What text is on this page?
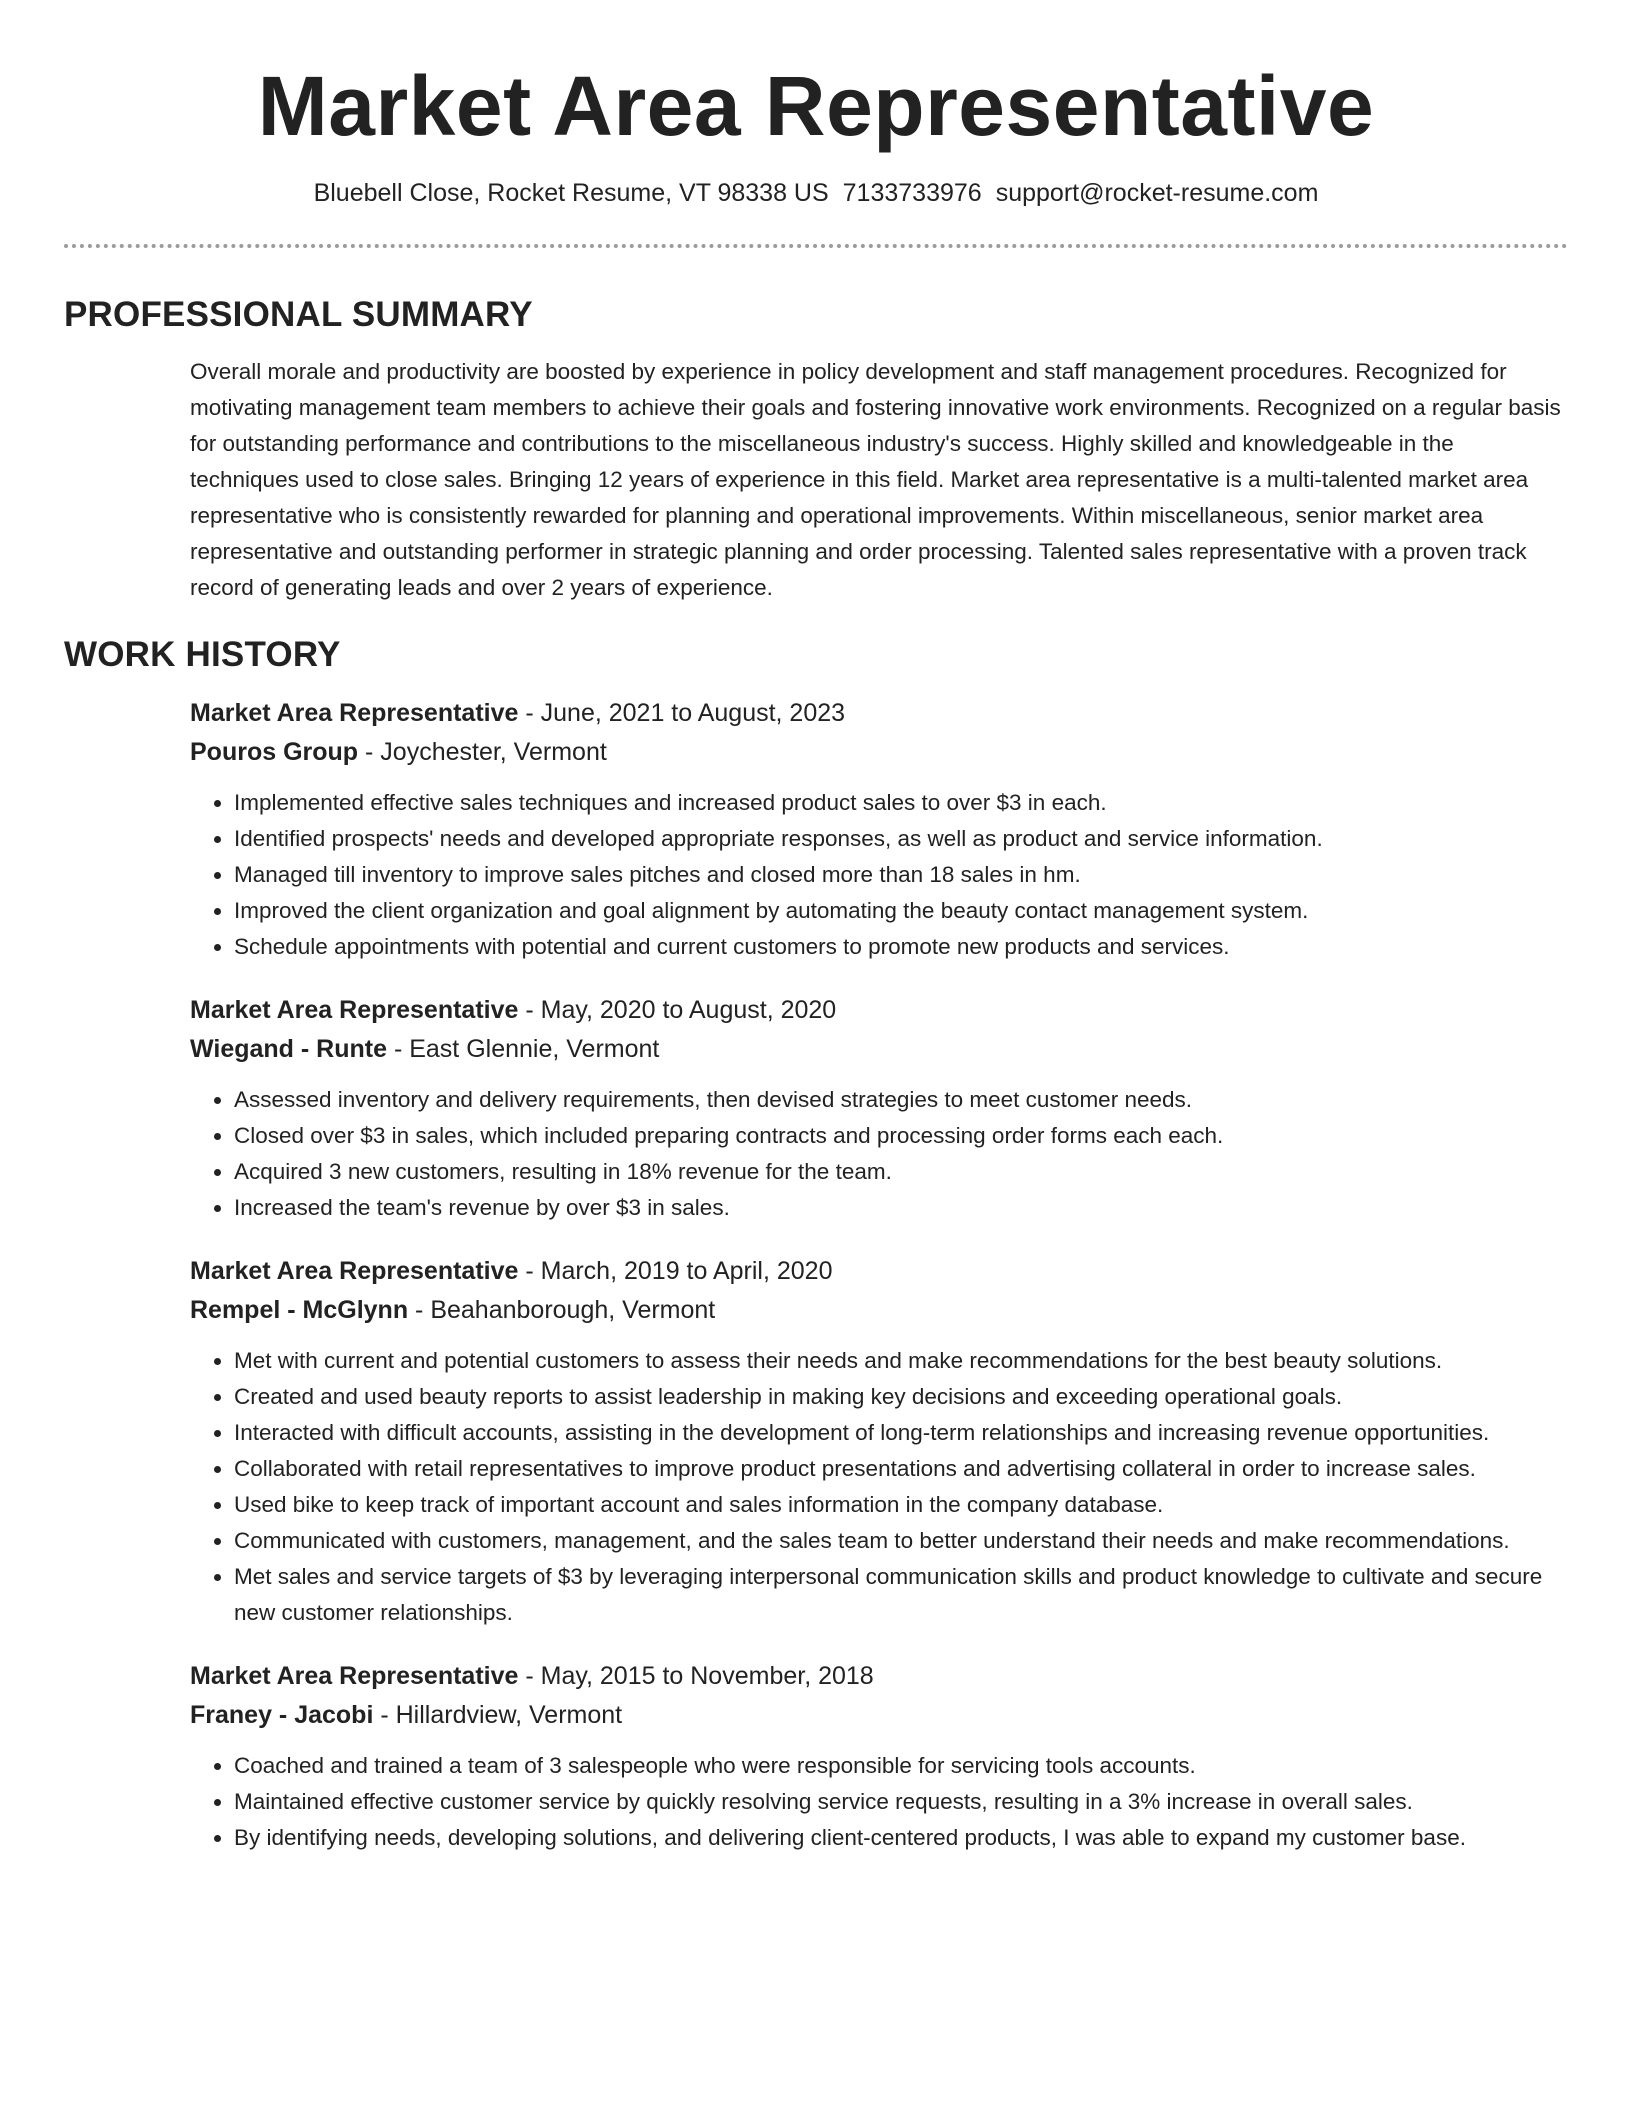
Market Area Representative
Bluebell Close, Rocket Resume, VT 98338 US 7133733976 support@rocket-resume.com
PROFESSIONAL SUMMARY
Overall morale and productivity are boosted by experience in policy development and staff management procedures. Recognized for motivating management team members to achieve their goals and fostering innovative work environments. Recognized on a regular basis for outstanding performance and contributions to the miscellaneous industry's success. Highly skilled and knowledgeable in the techniques used to close sales. Bringing 12 years of experience in this field. Market area representative is a multi-talented market area representative who is consistently rewarded for planning and operational improvements. Within miscellaneous, senior market area representative and outstanding performer in strategic planning and order processing. Talented sales representative with a proven track record of generating leads and over 2 years of experience.
WORK HISTORY
Market Area Representative - June, 2021 to August, 2023
Pouros Group - Joychester, Vermont
• Implemented effective sales techniques and increased product sales to over $3 in each.
• Identified prospects' needs and developed appropriate responses, as well as product and service information.
• Managed till inventory to improve sales pitches and closed more than 18 sales in hm.
• Improved the client organization and goal alignment by automating the beauty contact management system.
• Schedule appointments with potential and current customers to promote new products and services.
Market Area Representative - May, 2020 to August, 2020
Wiegand - Runte - East Glennie, Vermont
• Assessed inventory and delivery requirements, then devised strategies to meet customer needs.
• Closed over $3 in sales, which included preparing contracts and processing order forms each each.
• Acquired 3 new customers, resulting in 18% revenue for the team.
• Increased the team's revenue by over $3 in sales.
Market Area Representative - March, 2019 to April, 2020
Rempel - McGlynn - Beahanborough, Vermont
• Met with current and potential customers to assess their needs and make recommendations for the best beauty solutions.
• Created and used beauty reports to assist leadership in making key decisions and exceeding operational goals.
• Interacted with difficult accounts, assisting in the development of long-term relationships and increasing revenue opportunities.
• Collaborated with retail representatives to improve product presentations and advertising collateral in order to increase sales.
• Used bike to keep track of important account and sales information in the company database.
• Communicated with customers, management, and the sales team to better understand their needs and make recommendations.
• Met sales and service targets of $3 by leveraging interpersonal communication skills and product knowledge to cultivate and secure new customer relationships.
Market Area Representative - May, 2015 to November, 2018
Franey - Jacobi - Hillardview, Vermont
• Coached and trained a team of 3 salespeople who were responsible for servicing tools accounts.
• Maintained effective customer service by quickly resolving service requests, resulting in a 3% increase in overall sales.
• By identifying needs, developing solutions, and delivering client-centered products, I was able to expand my customer base.
